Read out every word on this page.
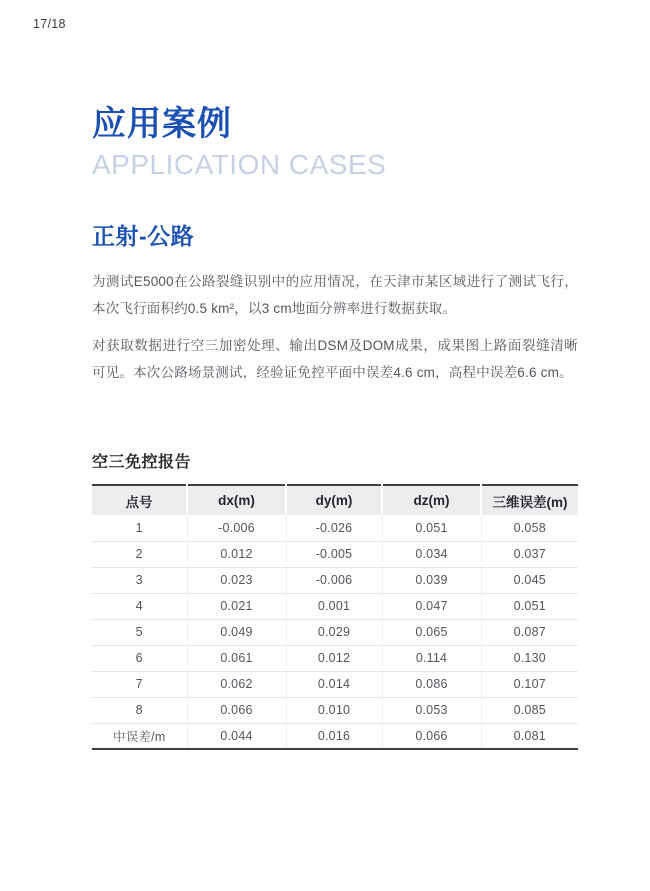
17/18
应用案例
APPLICATION CASES
正射-公路

为测试E5000在公路裂缝识别中的应用情况，在天津市某区域进行了测试飞行，本次飞行面积约0.5 km²，以3 cm地面分辨率进行数据获取。

对获取数据进行空三加密处理、输出DSM及DOM成果，成果图上路面裂缝清晰可见。本次公路场景测试，经验证免控平面中误差4.6 cm，高程中误差6.6 cm。

空三免控报告
点号	dx(m)	dy(m)	dz(m)	三维误差(m)
1	-0.006	-0.026	0.051	0.058
2	0.012	-0.005	0.034	0.037
3	0.023	-0.006	0.039	0.045
4	0.021	0.001	0.047	0.051
5	0.049	0.029	0.065	0.087
6	0.061	0.012	0.114	0.130
7	0.062	0.014	0.086	0.107
8	0.066	0.010	0.053	0.085
中误差/m	0.044	0.016	0.066	0.081
